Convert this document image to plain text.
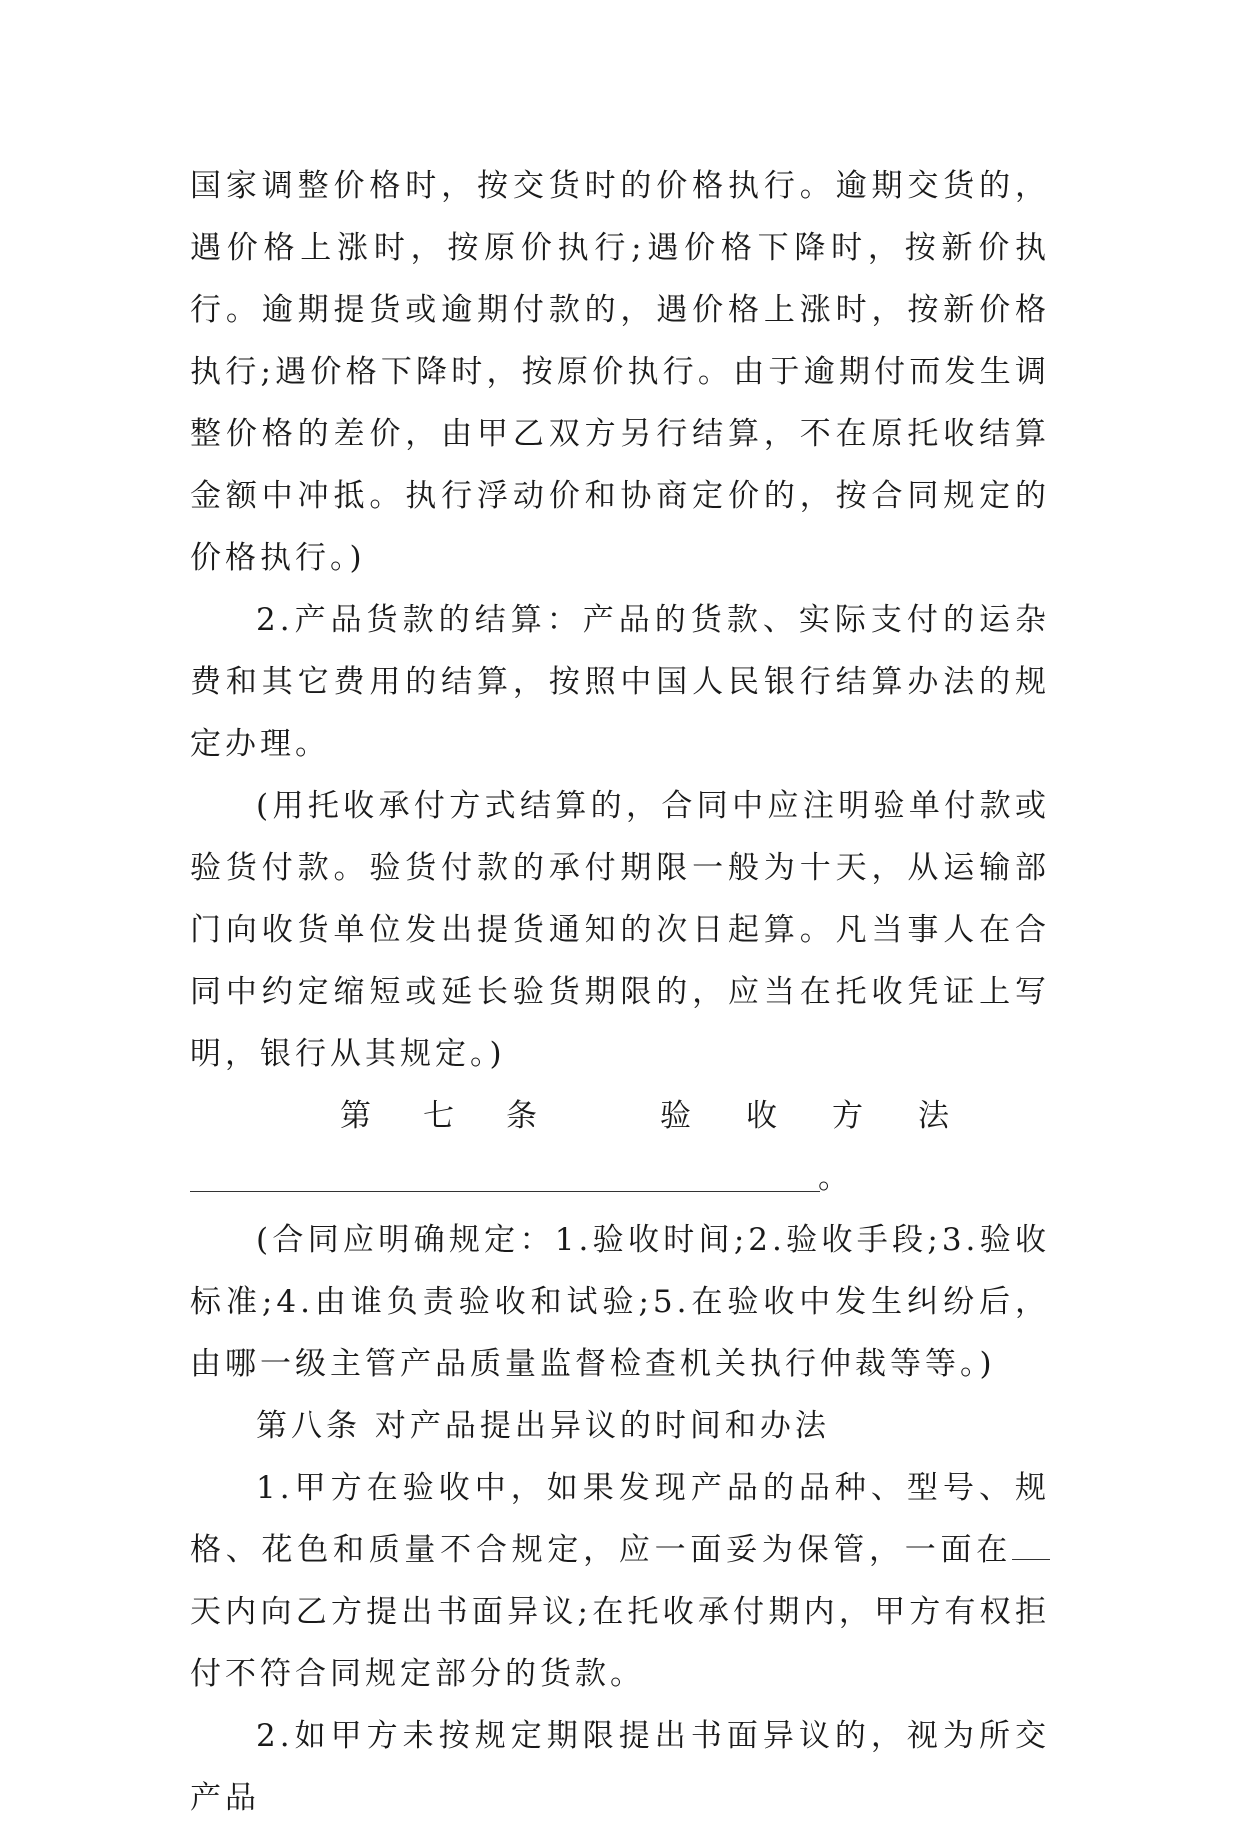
国家调整价格时，按交货时的价格执行。逾期交货的，遇价格上涨时，按原价执行;遇价格下降时，按新价执行。逾期提货或逾期付款的，遇价格上涨时，按新价格执行;遇价格下降时，按原价执行。由于逾期付而发生调整价格的差价，由甲乙双方另行结算，不在原托收结算金额中冲抵。执行浮动价和协商定价的，按合同规定的价格执行。)

2.产品货款的结算：产品的货款、实际支付的运杂费和其它费用的结算，按照中国人民银行结算办法的规定办理。

(用托收承付方式结算的，合同中应注明验单付款或验货付款。验货付款的承付期限一般为十天，从运输部门向收货单位发出提货通知的次日起算。凡当事人在合同中约定缩短或延长验货期限的，应当在托收凭证上写明，银行从其规定。)

第 七 条	验 收 方 法
。

(合同应明确规定：1.验收时间;2.验收手段;3.验收标准;4.由谁负责验收和试验;5.在验收中发生纠纷后，由哪一级主管产品质量监督检查机关执行仲裁等等。)

第八条 对产品提出异议的时间和办法

1.甲方在验收中，如果发现产品的品种、型号、规格、花色和质量不合规定，应一面妥为保管，一面在天内向乙方提出书面异议;在托收承付期内，甲方有权拒付不符合同规定部分的货款。

2.如甲方未按规定期限提出书面异议的，视为所交产品
